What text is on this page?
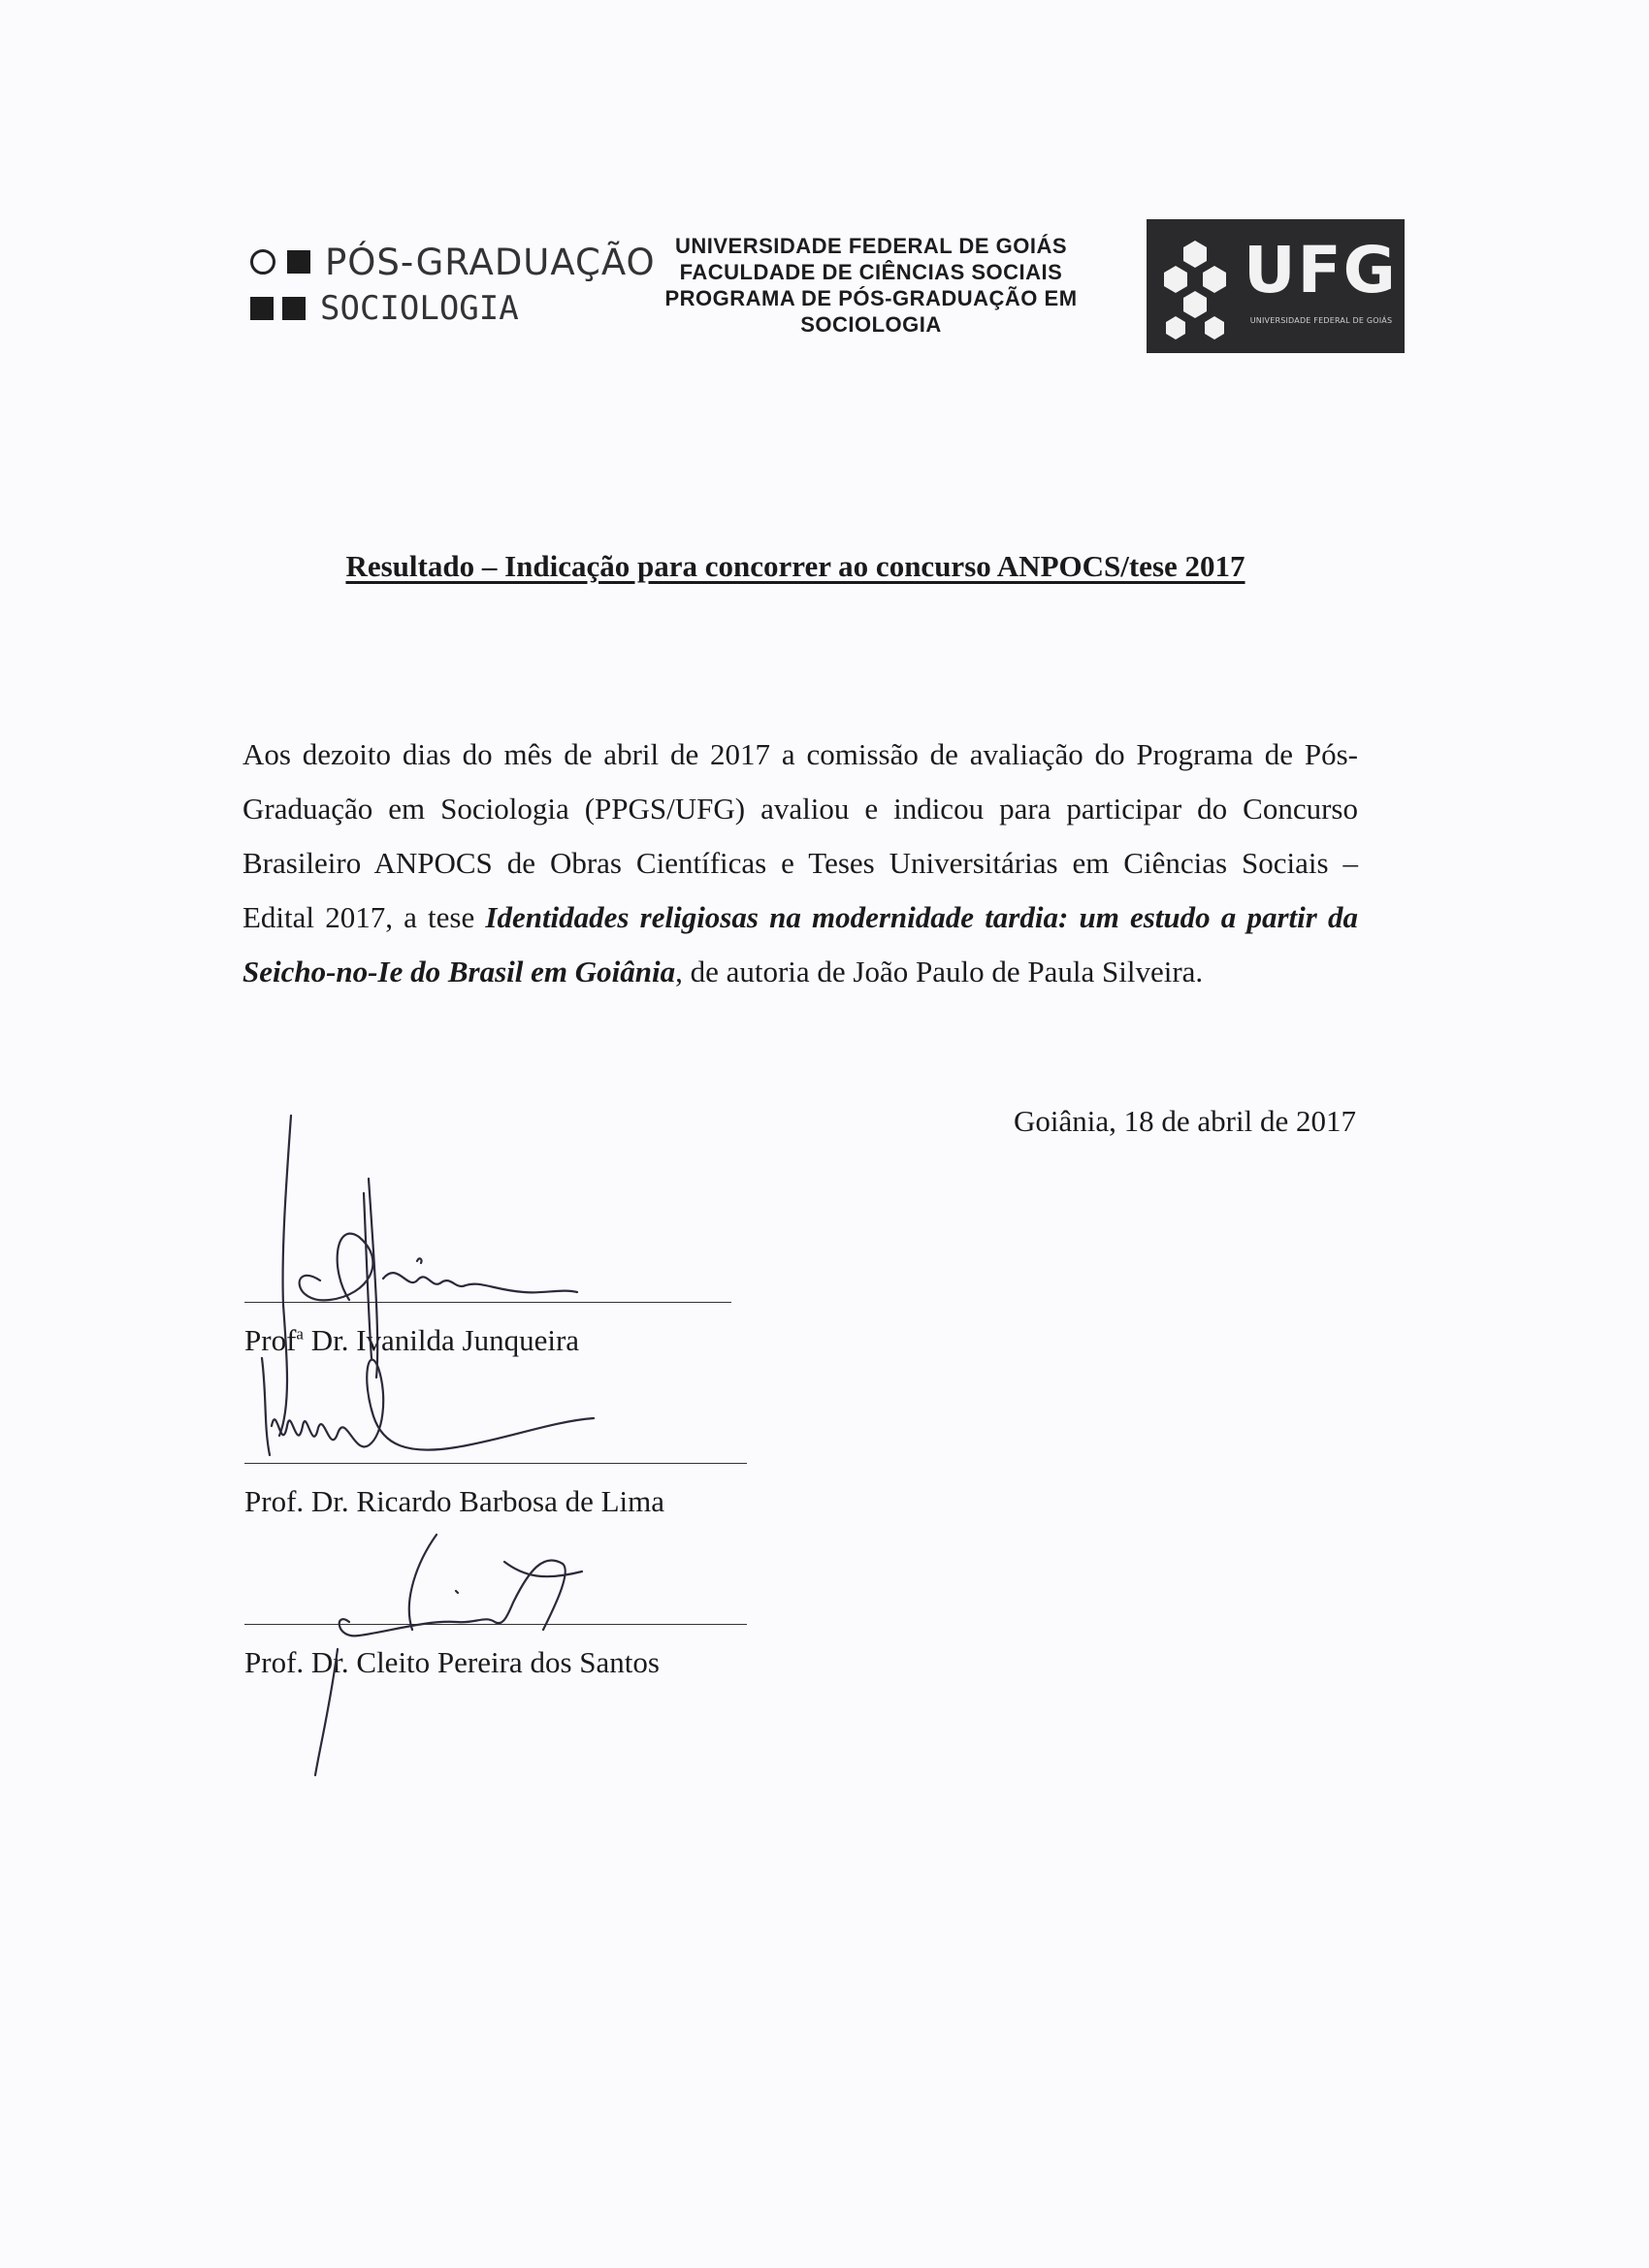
PÓS-GRADUAÇÃO
SOCIOLOGIA
UNIVERSIDADE FEDERAL DE GOIÁS
FACULDADE DE CIÊNCIAS SOCIAIS
PROGRAMA DE PÓS-GRADUAÇÃO EM
SOCIOLOGIA
UFG
UNIVERSIDADE FEDERAL DE GOIÁS
Resultado – Indicação para concorrer ao concurso ANPOCS/tese 2017
Aos dezoito dias do mês de abril de 2017 a comissão de avaliação do Programa de Pós-Graduação em Sociologia (PPGS/UFG) avaliou e indicou para participar do Concurso Brasileiro ANPOCS de Obras Científicas e Teses Universitárias em Ciências Sociais – Edital 2017, a tese Identidades religiosas na modernidade tardia: um estudo a partir da Seicho-no-Ie do Brasil em Goiânia, de autoria de João Paulo de Paula Silveira.
Goiânia, 18 de abril de 2017
Prof$^a$ Dr. Ivanilda Junqueira
Prof. Dr. Ricardo Barbosa de Lima
Prof. Dr. Cleito Pereira dos Santos
